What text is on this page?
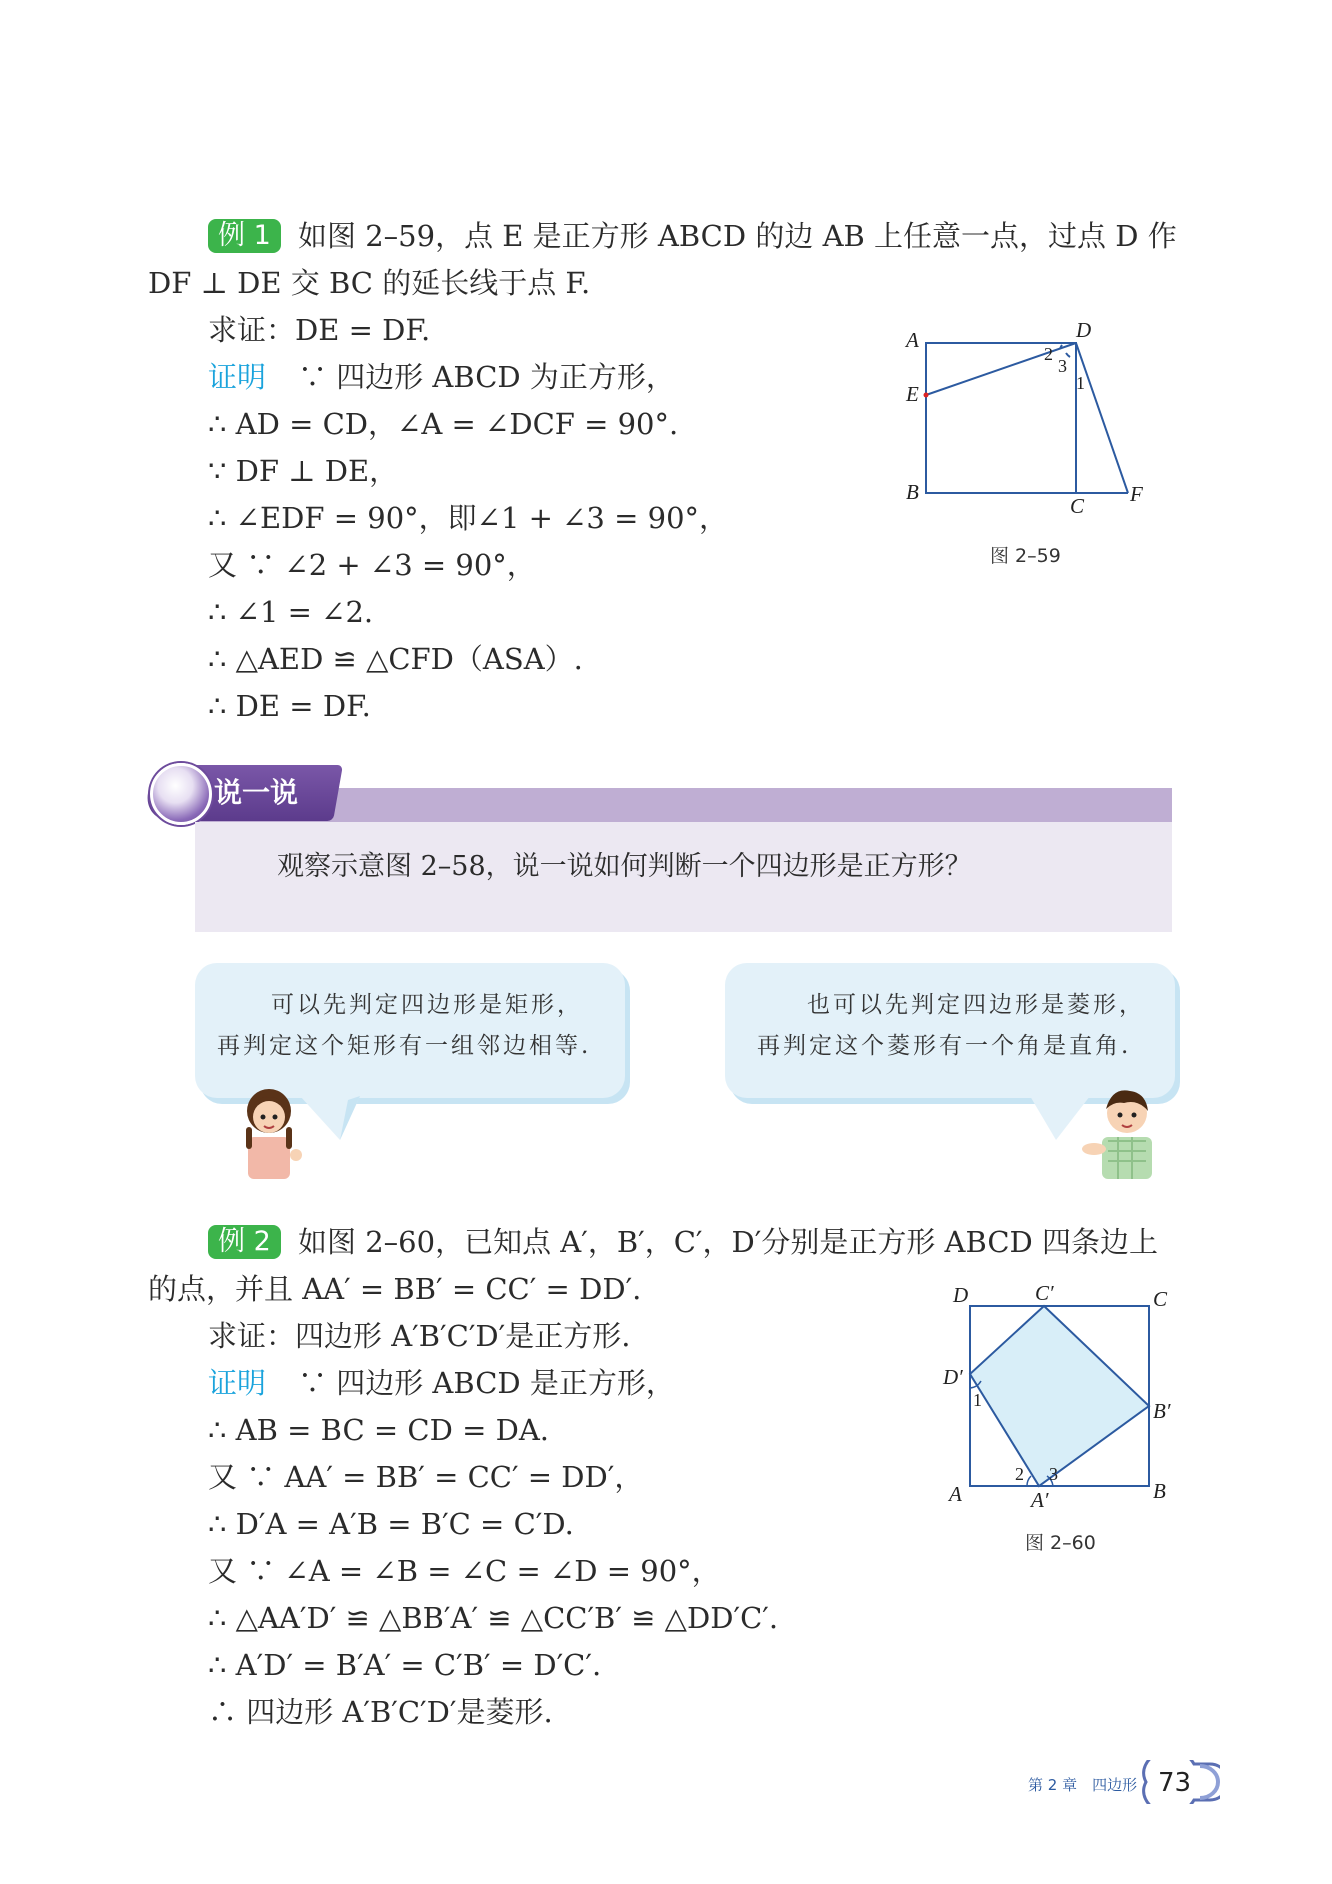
例 1 如图 2–59，点 E 是正方形 ABCD 的边 AB 上任意一点，过点 D 作
DF ⊥ DE 交 BC 的延长线于点 F.
求证：DE = DF.
证明 ∵ 四边形 ABCD 为正方形，
∴ AD = CD，∠A = ∠DCF = 90°.
∵ DF ⊥ DE，
∴ ∠EDF = 90°，即∠1 + ∠3 = 90°，
又 ∵ ∠2 + ∠3 = 90°，
∴ ∠1 = ∠2.
∴ △AED ≌ △CFD（ASA）.
∴ DE = DF.
A	D
E
B
C F
2
3
1
图 2–59
说一说
观察示意图 2–58，说一说如何判断一个四边形是正方形？
可以先判定四边形是矩形，
再判定这个矩形有一组邻边相等.
也可以先判定四边形是菱形，
再判定这个菱形有一个角是直角.
例 2 如图 2–60，已知点 A′，B′，C′，D′分别是正方形 ABCD 四条边上
的点，并且 AA′ = BB′ = CC′ = DD′.
求证：四边形 A′B′C′D′是正方形.
证明 ∵ 四边形 ABCD 是正方形，
∴ AB = BC = CD = DA.
又 ∵ AA′ = BB′ = CC′ = DD′，
∴ D′A = A′B = B′C = C′D.
又 ∵ ∠A = ∠B = ∠C = ∠D = 90°，
∴ △AA′D′ ≌ △BB′A′ ≌ △CC′B′ ≌ △DD′C′.
∴ A′D′ = B′A′ = C′B′ = D′C′.
∴ 四边形 A′B′C′D′是菱形.
D	C′	C
D′
B′
A	A′	B
1
2 3
图 2–60
第 2 章　四边形 73
